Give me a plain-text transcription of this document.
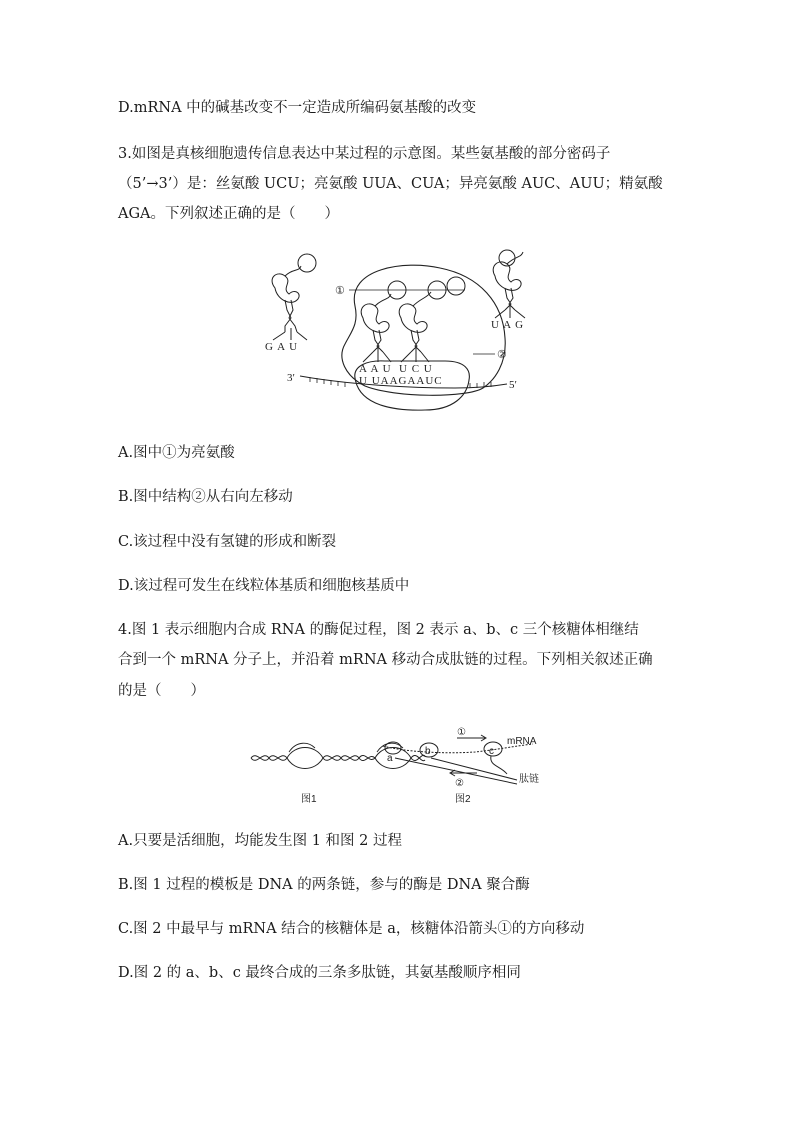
D.mRNA 中的碱基改变不一定造成所编码氨基酸的改变
3.如图是真核细胞遗传信息表达中某过程的示意图。某些氨基酸的部分密码子
（5’→3’）是：丝氨酸 UCU；亮氨酸 UUA、CUA；异亮氨酸 AUC、AUU；精氨酸
AGA。下列叙述正确的是（　　）
3′
5′
U UAAGAAUC
G A U
A A U U C U
①
②
U A G
A.图中①为亮氨酸
B.图中结构②从右向左移动
C.该过程中没有氢键的形成和断裂
D.该过程可发生在线粒体基质和细胞核基质中
4.图 1 表示细胞内合成 RNA 的酶促过程，图 2 表示 a、b、c 三个核糖体相继结
合到一个 mRNA 分子上，并沿着 mRNA 移动合成肽链的过程。下列相关叙述正确
的是（　　）
图1
a
b	c
①
②
mRNA
肽链
图2
A.只要是活细胞，均能发生图 1 和图 2 过程
B.图 1 过程的模板是 DNA 的两条链，参与的酶是 DNA 聚合酶
C.图 2 中最早与 mRNA 结合的核糖体是 a，核糖体沿箭头①的方向移动
D.图 2 的 a、b、c 最终合成的三条多肽链，其氨基酸顺序相同
